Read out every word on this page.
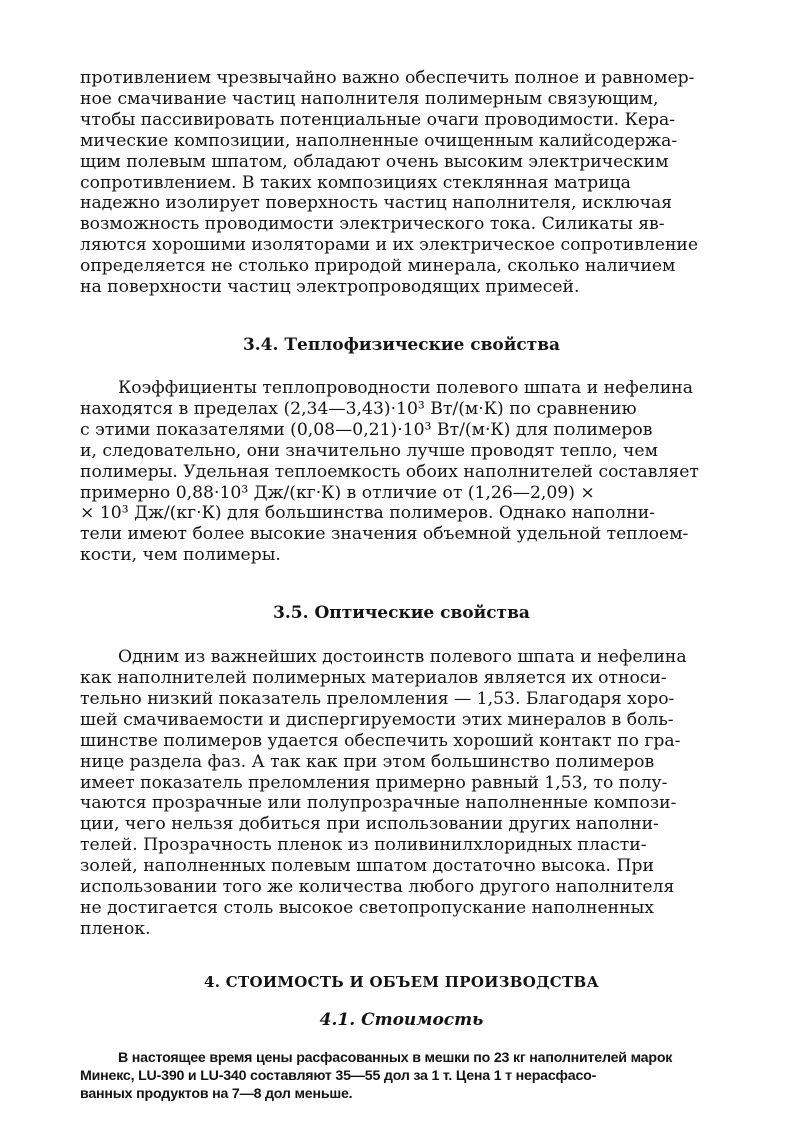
противлением чрезвычайно важно обеспечить полное и равномер-
ное смачивание частиц наполнителя полимерным связующим,
чтобы пассивировать потенциальные очаги проводимости. Кера-
мические композиции, наполненные очищенным калийсодержа-
щим полевым шпатом, обладают очень высоким электрическим
сопротивлением. В таких композициях стеклянная матрица
надежно изолирует поверхность частиц наполнителя, исключая
возможность проводимости электрического тока. Силикаты яв-
ляются хорошими изоляторами и их электрическое сопротивление
определяется не столько природой минерала, сколько наличием
на поверхности частиц электропроводящих примесей.

3.4. Теплофизические свойства

Коэффициенты теплопроводности полевого шпата и нефелина
находятся в пределах (2,34—3,43)·10³ Вт/(м·К) по сравнению
с этими показателями (0,08—0,21)·10³ Вт/(м·К) для полимеров
и, следовательно, они значительно лучше проводят тепло, чем
полимеры. Удельная теплоемкость обоих наполнителей составляет
примерно 0,88·10³ Дж/(кг·К) в отличие от (1,26—2,09) ×
× 10³ Дж/(кг·К) для большинства полимеров. Однако наполни-
тели имеют более высокие значения объемной удельной теплоем-
кости, чем полимеры.

3.5. Оптические свойства

Одним из важнейших достоинств полевого шпата и нефелина
как наполнителей полимерных материалов является их относи-
тельно низкий показатель преломления — 1,53. Благодаря хоро-
шей смачиваемости и диспергируемости этих минералов в боль-
шинстве полимеров удается обеспечить хороший контакт по гра-
нице раздела фаз. А так как при этом большинство полимеров
имеет показатель преломления примерно равный 1,53, то полу-
чаются прозрачные или полупрозрачные наполненные компози-
ции, чего нельзя добиться при использовании других наполни-
телей. Прозрачность пленок из поливинилхлоридных пласти-
золей, наполненных полевым шпатом достаточно высока. При
использовании того же количества любого другого наполнителя
не достигается столь высокое светопропускание наполненных
пленок.

4. СТОИМОСТЬ И ОБЪЕМ ПРОИЗВОДСТВА
4.1. Стоимость

В настоящее время цены расфасованных в мешки по 23 кг наполнителей марок
Минекс, LU-390 и LU-340 составляют 35—55 дол за 1 т. Цена 1 т нерасфасо-
ванных продуктов на 7—8 дол меньше.
